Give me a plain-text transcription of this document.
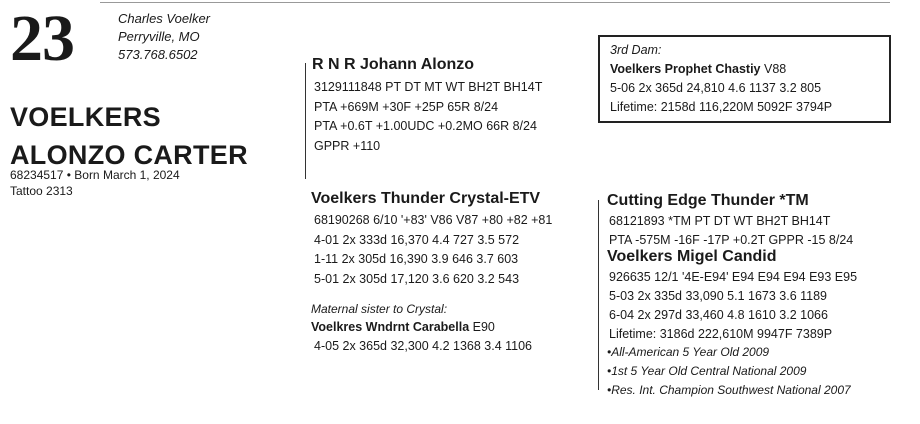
23	Charles Voelker
Perryville, MO
573.768.6502
VOELKERS
ALONZO CARTER
68234517 • Born March 1, 2024
Tattoo 2313
R N R Johann Alonzo
3129111848 PT DT MT WT BH2T BH14T
PTA +669M +30F +25P 65R 8/24
PTA +0.6T +1.00UDC +0.2MO 66R 8/24
GPPR +110
Voelkers Thunder Crystal-ETV
68190268 6/10 '+83' V86 V87 +80 +82 +81
4-01 2x 333d 16,370 4.4 727 3.5 572
1-11 2x 305d 16,390 3.9 646 3.7 603
5-01 2x 305d 17,120 3.6 620 3.2 543
Maternal sister to Crystal:
Voelkres Wndrnt Carabella E90
4-05 2x 365d 32,300 4.2 1368 3.4 1106
3rd Dam:
Voelkers Prophet Chastiy V88
5-06 2x 365d 24,810 4.6 1137 3.2 805
Lifetime: 2158d 116,220M 5092F 3794P
Cutting Edge Thunder *TM
68121893 *TM PT DT WT BH2T BH14T
PTA -575M -16F -17P +0.2T GPPR -15 8/24
Voelkers Migel Candid
926635 12/1 '4E-E94' E94 E94 E94 E93 E95
5-03 2x 335d 33,090 5.1 1673 3.6 1189
6-04 2x 297d 33,460 4.8 1610 3.2 1066
Lifetime: 3186d 222,610M 9947F 7389P
•All-American 5 Year Old 2009
•1st 5 Year Old Central National 2009
•Res. Int. Champion Southwest National 2007
